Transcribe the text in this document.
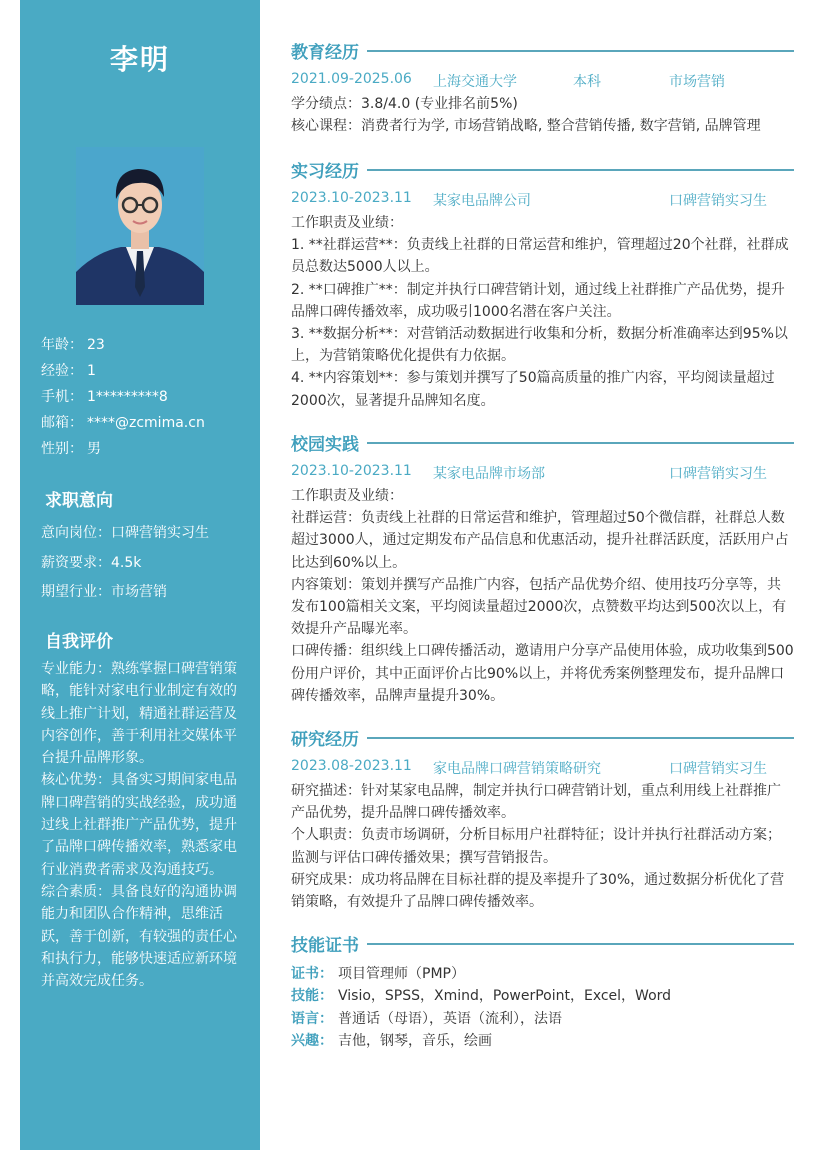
李明
年龄： 23
经验： 1
手机： 1*********8
邮箱： ****@zcmima.cn
性别： 男
求职意向
意向岗位：口碑营销实习生
薪资要求：4.5k
期望行业：市场营销
自我评价
专业能力：熟练掌握口碑营销策略，能针对家电行业制定有效的线上推广计划，精通社群运营及内容创作，善于利用社交媒体平台提升品牌形象。
核心优势：具备实习期间家电品牌口碑营销的实战经验，成功通过线上社群推广产品优势，提升了品牌口碑传播效率，熟悉家电行业消费者需求及沟通技巧。
综合素质：具备良好的沟通协调能力和团队合作精神，思维活跃，善于创新，有较强的责任心和执行力，能够快速适应新环境并高效完成任务。
教育经历
2021.09-2025.06 上海交通大学	本科	市场营销
学分绩点：3.8/4.0 (专业排名前5%)
核心课程：消费者行为学, 市场营销战略, 整合营销传播, 数字营销, 品牌管理
实习经历
2023.10-2023.11 某家电品牌公司	口碑营销实习生
工作职责及业绩：
1. **社群运营**：负责线上社群的日常运营和维护，管理超过20个社群，社群成员总数达5000人以上。
2. **口碑推广**：制定并执行口碑营销计划，通过线上社群推广产品优势，提升品牌口碑传播效率，成功吸引1000名潜在客户关注。
3. **数据分析**：对营销活动数据进行收集和分析，数据分析准确率达到95%以上，为营销策略优化提供有力依据。
4. **内容策划**：参与策划并撰写了50篇高质量的推广内容，平均阅读量超过2000次，显著提升品牌知名度。
校园实践
2023.10-2023.11 某家电品牌市场部	口碑营销实习生
工作职责及业绩：
社群运营：负责线上社群的日常运营和维护，管理超过50个微信群，社群总人数超过3000人，通过定期发布产品信息和优惠活动，提升社群活跃度，活跃用户占比达到60%以上。
内容策划：策划并撰写产品推广内容，包括产品优势介绍、使用技巧分享等，共发布100篇相关文案，平均阅读量超过2000次，点赞数平均达到500次以上，有效提升产品曝光率。
口碑传播：组织线上口碑传播活动，邀请用户分享产品使用体验，成功收集到500份用户评价，其中正面评价占比90%以上，并将优秀案例整理发布，提升品牌口碑传播效率，品牌声量提升30%。
研究经历
2023.08-2023.11 家电品牌口碑营销策略研究	口碑营销实习生
研究描述：针对某家电品牌，制定并执行口碑营销计划，重点利用线上社群推广产品优势，提升品牌口碑传播效率。
个人职责：负责市场调研，分析目标用户社群特征；设计并执行社群活动方案；监测与评估口碑传播效果；撰写营销报告。
研究成果：成功将品牌在目标社群的提及率提升了30%，通过数据分析优化了营销策略，有效提升了品牌口碑传播效率。
技能证书
证书： 项目管理师（PMP）
技能： Visio，SPSS，Xmind，PowerPoint，Excel，Word
语言： 普通话（母语），英语（流利），法语
兴趣： 吉他，钢琴，音乐，绘画
